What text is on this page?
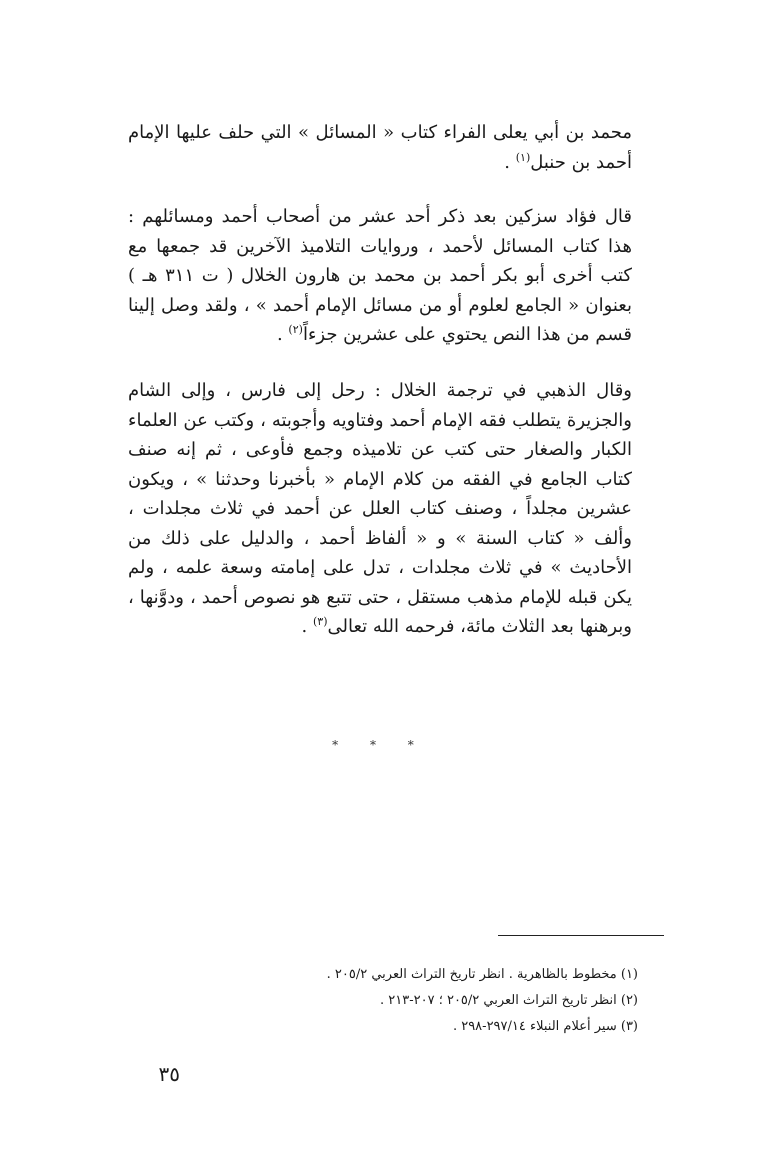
محمد بن أبي يعلى الفراء كتاب « المسائل » التي حلف عليها الإمام أحمد بن حنبل$^{(١)}$ .

قال فؤاد سزكين بعد ذكر أحد عشر من أصحاب أحمد ومسائلهم : هذا كتاب المسائل لأحمد ، وروايات التلاميذ الآخرين قد جمعها مع كتب أخرى أبو بكر أحمد بن محمد بن هارون الخلال ( ت ٣١١ هـ ) بعنوان « الجامع لعلوم أو من مسائل الإمام أحمد » ، ولقد وصل إلينا قسم من هذا النص يحتوي على عشرين جزءاً$^{(٢)}$ .

وقال الذهبي في ترجمة الخلال : رحل إلى فارس ، وإلى الشام والجزيرة يتطلب فقه الإمام أحمد وفتاويه وأجوبته ، وكتب عن العلماء الكبار والصغار حتى كتب عن تلاميذه وجمع فأوعى ، ثم إنه صنف كتاب الجامع في الفقه من كلام الإمام « بأخبرنا وحدثنا » ، ويكون عشرين مجلداً ، وصنف كتاب العلل عن أحمد في ثلاث مجلدات ، وألف « كتاب السنة » و « ألفاظ أحمد ، والدليل على ذلك من الأحاديث » في ثلاث مجلدات ، تدل على إمامته وسعة علمه ، ولم يكن قبله للإمام مذهب مستقل ، حتى تتبع هو نصوص أحمد ، ودوَّنها ، وبرهنها بعد الثلاث مائة، فرحمه الله تعالى$^{(٣)}$ .

* * *
(١) مخطوط بالظاهرية . انظر تاريخ التراث العربي ٢٠٥/٢ .
(٢) انظر تاريخ التراث العربي ٢٠٥/٢ ؛ ٢٠٧-٢١٣ .
(٣) سير أعلام النبلاء ٢٩٧/١٤-٢٩٨ .
٣٥
